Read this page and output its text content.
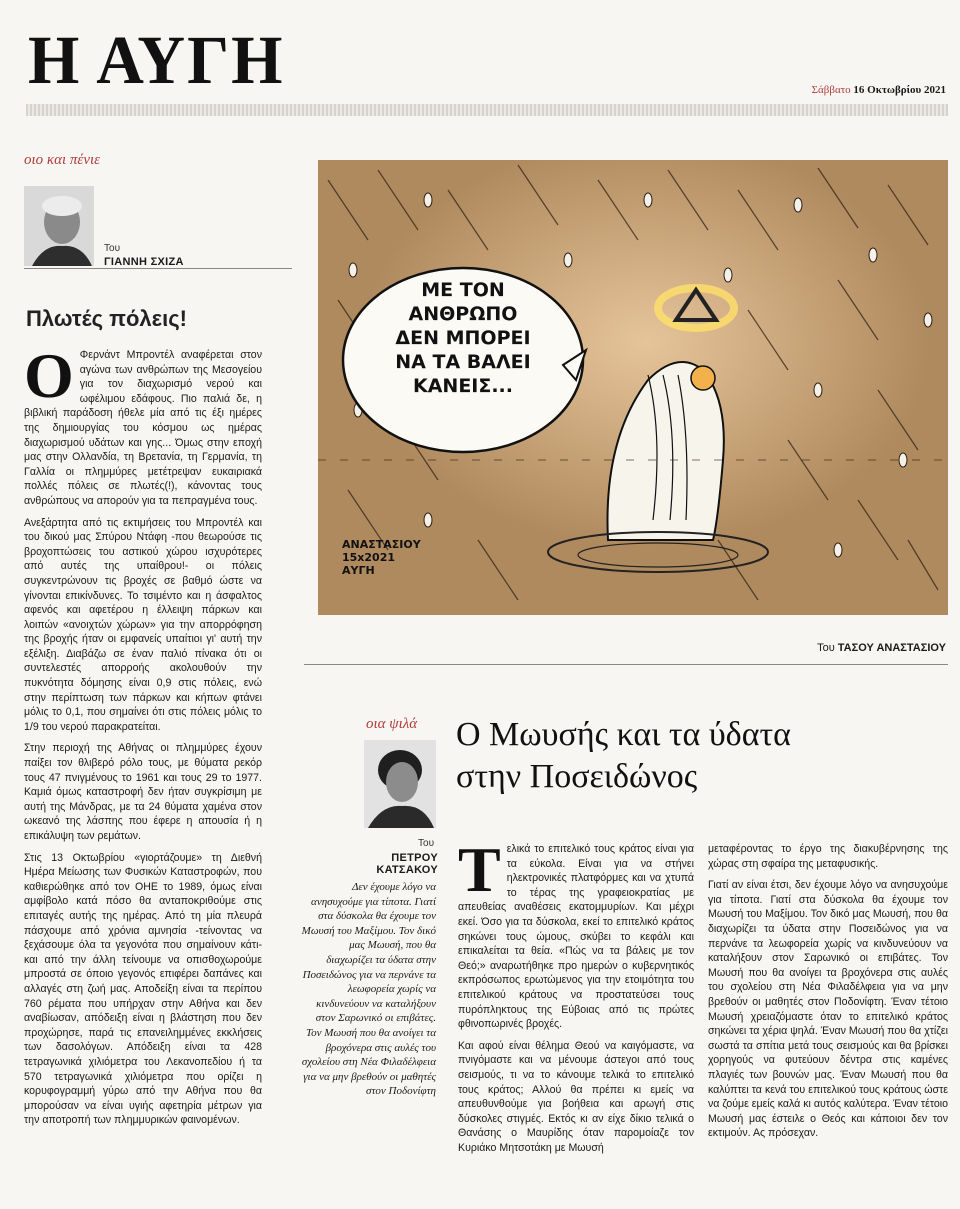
Η ΑΥΓΗ	Σάββατο 16 Οκτωβρίου 2021
οιο και πένιε
Του
ΓΙΑΝΝΗ ΣΧΙΖΑ
Πλωτές πόλεις!
Ο Φερνάντ Μπροντέλ αναφέρεται στον αγώνα των ανθρώπων της Μεσογείου για τον διαχωρισμό νερού και ωφέλιμου εδάφους. Πιο παλιά δε, η βιβλική παράδοση ήθελε μία από τις έξι ημέρες της δημιουργίας του κόσμου ως ημέρας διαχωρισμού υδάτων και γης... Όμως στην εποχή μας στην Ολλανδία, τη Βρετανία, τη Γερμανία, τη Γαλλία οι πλημμύρες μετέτρεψαν ευκαιριακά πολλές πόλεις σε πλωτές(!), κάνοντας τους ανθρώπους να απορούν για τα πεπραγμένα τους.

Ανεξάρτητα από τις εκτιμήσεις του Μπροντέλ και του δικού μας Σπύρου Ντάφη -που θεωρούσε τις βροχοπτώσεις του αστικού χώρου ισχυρότερες από αυτές της υπαίθρου!- οι πόλεις συγκεντρώνουν τις βροχές σε βαθμό ώστε να γίνονται επικίνδυνες. Το τσιμέντο και η άσφαλτος αφενός και αφετέρου η έλλειψη πάρκων και λοιπών «ανοιχτών χώρων» για την απορρόφηση της βροχής ήταν οι εμφανείς υπαίτιοι γι' αυτή την εξέλιξη. Διαβάζω σε έναν παλιό πίνακα ότι οι συντελεστές απορροής ακολουθούν την πυκνότητα δόμησης είναι 0,9 στις πόλεις, ενώ στην περίπτωση των πάρκων και κήπων φτάνει μόλις το 0,1, που σημαίνει ότι στις πόλεις μόλις το 1/9 του νερού παρακρατείται.

Στην περιοχή της Αθήνας οι πλημμύρες έχουν παίξει τον θλιβερό ρόλο τους, με θύματα ρεκόρ τους 47 πνιγμένους το 1961 και τους 29 το 1977. Καμιά όμως καταστροφή δεν ήταν συγκρίσιμη με αυτή της Μάνδρας, με τα 24 θύματα χαμένα στον ωκεανό της λάσπης που έφερε η απουσία ή η επικάλυψη των ρεμάτων.

Στις 13 Οκτωβρίου «γιορτάζουμε» τη Διεθνή Ημέρα Μείωσης των Φυσικών Καταστροφών, που καθιερώθηκε από τον ΟΗΕ το 1989, όμως είναι αμφίβολο κατά πόσο θα ανταποκριθούμε στις επιταγές αυτής της ημέρας. Από τη μία πλευρά πάσχουμε από χρόνια αμνησία -τείνοντας να ξεχάσουμε όλα τα γεγονότα που σημαίνουν κάτι- και από την άλλη τείνουμε να οπισθοχωρούμε μπροστά σε όποιο γεγονός επιφέρει δαπάνες και αλλαγές στη ζωή μας. Αποδείξη είναι τα περίπου 760 ρέματα που υπήρχαν στην Αθήνα και δεν αναβίωσαν, απόδειξη είναι η βλάστηση που δεν προχώρησε, παρά τις επανειλημμένες εκκλήσεις των δασολόγων. Απόδειξη είναι τα 428 τετραγωνικά χιλιόμετρα του Λεκανοπεδίου ή τα 570 τετραγωνικά χιλιόμετρα που ορίζει η κορυφογραμμή γύρω από την Αθήνα που θα μπορούσαν να είναι υγιής αφετηρία μέτρων για την αποτροπή των πλημμυρικών φαινομένων.

ΜΕ ΤΟΝ
ΑΝΘΡΩΠΟ
ΔΕΝ ΜΠΟΡΕΙ
ΝΑ ΤΑ ΒΑΛΕΙ
ΚΑΝΕΙΣ...
ΑΝΑΣΤΑΣΙΟΥ
15x2021
ΑΥΓΗ
Του ΤΑΣΟΥ ΑΝΑΣΤΑΣΙΟΥ
οια ψιλά
Του
ΠΕΤΡΟΥ ΚΑΤΣΑΚΟΥ
Ο Μωυσής και τα ύδατα
στην Ποσειδώνος
Δεν έχουμε λόγο να ανησυχούμε για τίποτα. Γιατί στα δύσκολα θα έχουμε τον Μωυσή του Μαξίμου. Τον δικό μας Μωυσή, που θα διαχωρίζει τα ύδατα στην Ποσειδώνος για να περνάνε τα λεωφορεία χωρίς να κινδυνεύουν να καταλήξουν στον Σαρωνικό οι επιβάτες. Τον Μωυσή που θα ανοίγει τα βροχόνερα στις αυλές του σχολείου στη Νέα Φιλαδέλφεια για να μην βρεθούν οι μαθητές στον Ποδονίφτη
Τ ελικά το επιτελικό τους κράτος είναι για τα εύκολα. Είναι για να στήνει ηλεκτρονικές πλατφόρμες και να χτυπά το τέρας της γραφειοκρατίας με απευθείας αναθέσεις εκατομμυρίων. Και μέχρι εκεί. Όσο για τα δύσκολα, εκεί το επιτελικό κράτος σηκώνει τους ώμους, σκύβει το κεφάλι και επικαλείται τα θεία. «Πώς να τα βάλεις με τον Θεό;» αναρωτήθηκε προ ημερών ο κυβερνητικός εκπρόσωπος ερωτώμενος για την ετοιμότητα του επιτελικού κράτους να προστατεύσει τους πυρόπληκτους της Εύβοιας από τις πρώτες φθινοπωρινές βροχές.

Και αφού είναι θέλημα Θεού να καιγόμαστε, να πνιγόμαστε και να μένουμε άστεγοι από τους σεισμούς, τι να το κάνουμε τελικά το επιτελικό τους κράτος; Αλλού θα πρέπει κι εμείς να απευθυνθούμε για βοήθεια και αρωγή στις δύσκολες στιγμές. Εκτός κι αν είχε δίκιο τελικά ο Θανάσης ο Μαυρίδης όταν παρομοίαζε τον Κυριάκο Μητσοτάκη με Μωυσή

μεταφέροντας το έργο της διακυβέρνησης της χώρας στη σφαίρα της μεταφυσικής.

Γιατί αν είναι έτσι, δεν έχουμε λόγο να ανησυχούμε για τίποτα. Γιατί στα δύσκολα θα έχουμε τον Μωυσή του Μαξίμου. Τον δικό μας Μωυσή, που θα διαχωρίζει τα ύδατα στην Ποσειδώνος για να περνάνε τα λεωφορεία χωρίς να κινδυνεύουν να καταλήξουν στον Σαρωνικό οι επιβάτες. Τον Μωυσή που θα ανοίγει τα βροχόνερα στις αυλές του σχολείου στη Νέα Φιλαδέλφεια για να μην βρεθούν οι μαθητές στον Ποδονίφτη. Έναν τέτοιο Μωυσή χρειαζόμαστε όταν το επιτελικό κράτος σηκώνει τα χέρια ψηλά. Έναν Μωυσή που θα χτίζει σωστά τα σπίτια μετά τους σεισμούς και θα βρίσκει χορηγούς να φυτεύουν δέντρα στις καμένες πλαγιές των βουνών μας. Έναν Μωυσή που θα καλύπτει τα κενά του επιτελικού τους κράτους ώστε να ζούμε εμείς καλά κι αυτός καλύτερα. Έναν τέτοιο Μωυσή μας έστειλε ο Θεός και κάποιοι δεν τον εκτιμούν. Ας πρόσεχαν.
